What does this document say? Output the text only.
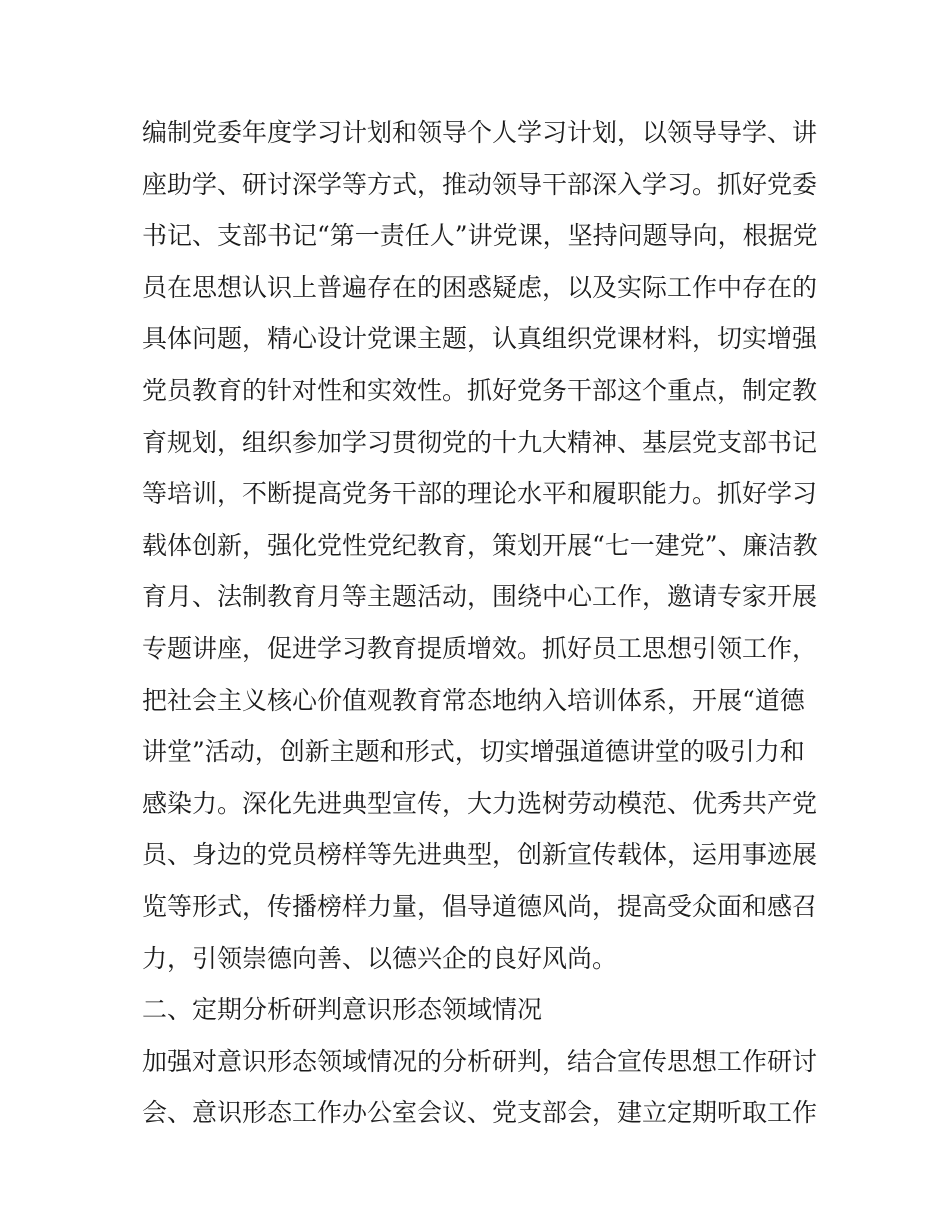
编制党委年度学习计划和领导个人学习计划，以领导导学、讲
座助学、研讨深学等方式，推动领导干部深入学习。抓好党委
书记、支部书记“第一责任人”讲党课，坚持问题导向，根据党
员在思想认识上普遍存在的困惑疑虑，以及实际工作中存在的
具体问题，精心设计党课主题，认真组织党课材料，切实增强
党员教育的针对性和实效性。抓好党务干部这个重点，制定教
育规划，组织参加学习贯彻党的十九大精神、基层党支部书记
等培训，不断提高党务干部的理论水平和履职能力。抓好学习
载体创新，强化党性党纪教育，策划开展“七一建党”、廉洁教
育月、法制教育月等主题活动，围绕中心工作，邀请专家开展
专题讲座，促进学习教育提质增效。抓好员工思想引领工作，
把社会主义核心价值观教育常态地纳入培训体系，开展“道德
讲堂”活动，创新主题和形式，切实增强道德讲堂的吸引力和
感染力。深化先进典型宣传，大力选树劳动模范、优秀共产党
员、身边的党员榜样等先进典型，创新宣传载体，运用事迹展
览等形式，传播榜样力量，倡导道德风尚，提高受众面和感召
力，引领崇德向善、以德兴企的良好风尚。
二、定期分析研判意识形态领域情况
加强对意识形态领域情况的分析研判，结合宣传思想工作研讨
会、意识形态工作办公室会议、党支部会，建立定期听取工作
